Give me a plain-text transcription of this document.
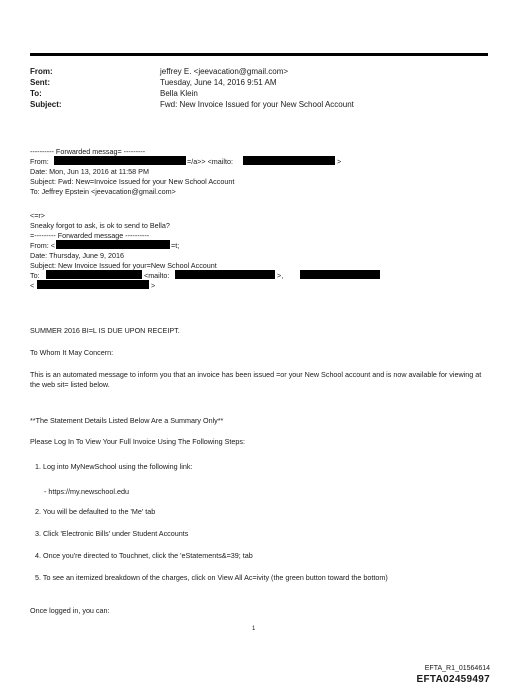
From:	jeffrey E. <jeevacation@gmail.com>
Sent:	Tuesday, June 14, 2016 9:51 AM
To:	Bella Klein
Subject:	Fwd: New Invoice Issued for your New School Account
---------- Forwarded messag= ---------
From:	=/a>> <mailto:	>
Date: Mon, Jun 13, 2016 at 11:58 PM
Subject: Fwd: New=Invoice Issued for your New School Account
To: Jeffrey Epstein <jeevacation@gmail.com>
<=r>
Sneaky forgot to ask, is ok to send to Bella?
=--------- Forwarded message ----------
From: <	=t;
Date: Thursday, June 9, 2016
Subject: New Invoice Issued for your=New School Account
To:	<mailto:	>,
<	>
SUMMER 2016 BI=L IS DUE UPON RECEIPT.
To Whom It May Concern:
This is an automated message to inform you that an invoice has been issued =or your New School account and is now available for viewing at the web sit= listed below.
**The Statement Details Listed Below Are a Summary Only**
Please Log In To View Your Full Invoice Using The Following Steps:
1. Log into MyNewSchool using the following link:
- https://my.newschool.edu
2. You will be defaulted to the 'Me' tab
3. Click 'Electronic Bills' under Student Accounts
4. Once you're directed to Touchnet, click the 'eStatements&=39; tab
5. To see an itemized breakdown of the charges, click on View All Ac=ivity (the green button toward the bottom)
Once logged in, you can:
1
EFTA_R1_01564614
EFTA02459497
